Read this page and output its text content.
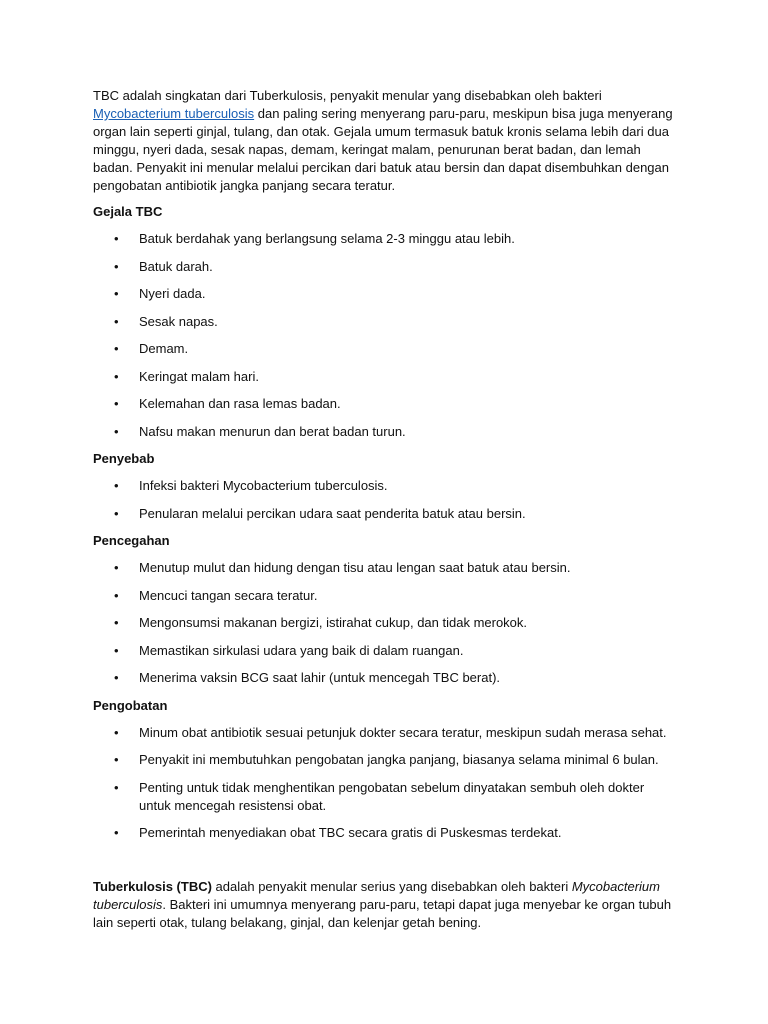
TBC adalah singkatan dari Tuberkulosis, penyakit menular yang disebabkan oleh bakteri Mycobacterium tuberculosis dan paling sering menyerang paru-paru, meskipun bisa juga menyerang organ lain seperti ginjal, tulang, dan otak. Gejala umum termasuk batuk kronis selama lebih dari dua minggu, nyeri dada, sesak napas, demam, keringat malam, penurunan berat badan, dan lemah badan. Penyakit ini menular melalui percikan dari batuk atau bersin dan dapat disembuhkan dengan pengobatan antibiotik jangka panjang secara teratur.

Gejala TBC
• Batuk berdahak yang berlangsung selama 2-3 minggu atau lebih.
• Batuk darah.
• Nyeri dada.
• Sesak napas.
• Demam.
• Keringat malam hari.
• Kelemahan dan rasa lemas badan.
• Nafsu makan menurun dan berat badan turun.
Penyebab
• Infeksi bakteri Mycobacterium tuberculosis.
• Penularan melalui percikan udara saat penderita batuk atau bersin.
Pencegahan
• Menutup mulut dan hidung dengan tisu atau lengan saat batuk atau bersin.
• Mencuci tangan secara teratur.
• Mengonsumsi makanan bergizi, istirahat cukup, dan tidak merokok.
• Memastikan sirkulasi udara yang baik di dalam ruangan.
• Menerima vaksin BCG saat lahir (untuk mencegah TBC berat).
Pengobatan
• Minum obat antibiotik sesuai petunjuk dokter secara teratur, meskipun sudah merasa sehat.
• Penyakit ini membutuhkan pengobatan jangka panjang, biasanya selama minimal 6 bulan.
• Penting untuk tidak menghentikan pengobatan sebelum dinyatakan sembuh oleh dokter untuk mencegah resistensi obat.
• Pemerintah menyediakan obat TBC secara gratis di Puskesmas terdekat.

Tuberkulosis (TBC) adalah penyakit menular serius yang disebabkan oleh bakteri Mycobacterium tuberculosis. Bakteri ini umumnya menyerang paru-paru, tetapi dapat juga menyebar ke organ tubuh lain seperti otak, tulang belakang, ginjal, dan kelenjar getah bening.
